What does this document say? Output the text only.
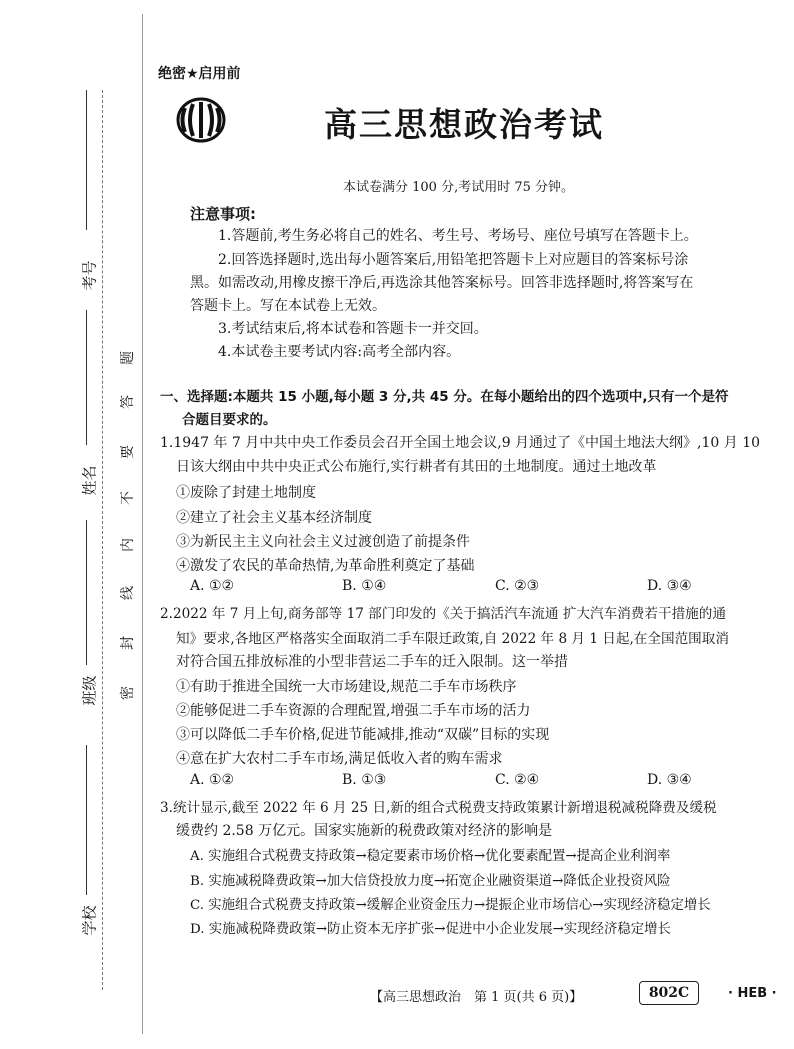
考号
姓名
班级
学校
题
答
要
不
内
线
封
密
绝密★启用前
高三思想政治考试
本试卷满分 100 分,考试用时 75 分钟。
注意事项:
1.答题前,考生务必将自己的姓名、考生号、考场号、座位号填写在答题卡上。
2.回答选择题时,选出每小题答案后,用铅笔把答题卡上对应题目的答案标号涂
黑。如需改动,用橡皮擦干净后,再选涂其他答案标号。回答非选择题时,将答案写在
答题卡上。写在本试卷上无效。
3.考试结束后,将本试卷和答题卡一并交回。
4.本试卷主要考试内容:高考全部内容。
一、选择题:本题共 15 小题,每小题 3 分,共 45 分。在每小题给出的四个选项中,只有一个是符
合题目要求的。
1.1947 年 7 月中共中央工作委员会召开全国土地会议,9 月通过了《中国土地法大纲》,10 月 10
日该大纲由中共中央正式公布施行,实行耕者有其田的土地制度。通过土地改革
①废除了封建土地制度
②建立了社会主义基本经济制度
③为新民主主义向社会主义过渡创造了前提条件
④激发了农民的革命热情,为革命胜利奠定了基础
A. ①②	B. ①④	C. ②③	D. ③④
2.2022 年 7 月上旬,商务部等 17 部门印发的《关于搞活汽车流通 扩大汽车消费若干措施的通
知》要求,各地区严格落实全面取消二手车限迁政策,自 2022 年 8 月 1 日起,在全国范围取消
对符合国五排放标准的小型非营运二手车的迁入限制。这一举措
①有助于推进全国统一大市场建设,规范二手车市场秩序
②能够促进二手车资源的合理配置,增强二手车市场的活力
③可以降低二手车价格,促进节能减排,推动“双碳”目标的实现
④意在扩大农村二手车市场,满足低收入者的购车需求
A. ①②	B. ①③	C. ②④	D. ③④
3.统计显示,截至 2022 年 6 月 25 日,新的组合式税费支持政策累计新增退税减税降费及缓税
缓费约 2.58 万亿元。国家实施新的税费政策对经济的影响是
A. 实施组合式税费支持政策→稳定要素市场价格→优化要素配置→提高企业利润率
B. 实施减税降费政策→加大信贷投放力度→拓宽企业融资渠道→降低企业投资风险
C. 实施组合式税费支持政策→缓解企业资金压力→提振企业市场信心→实现经济稳定增长
D. 实施减税降费政策→防止资本无序扩张→促进中小企业发展→实现经济稳定增长
【高三思想政治　第 1 页(共 6 页)】	802C	· HEB ·
